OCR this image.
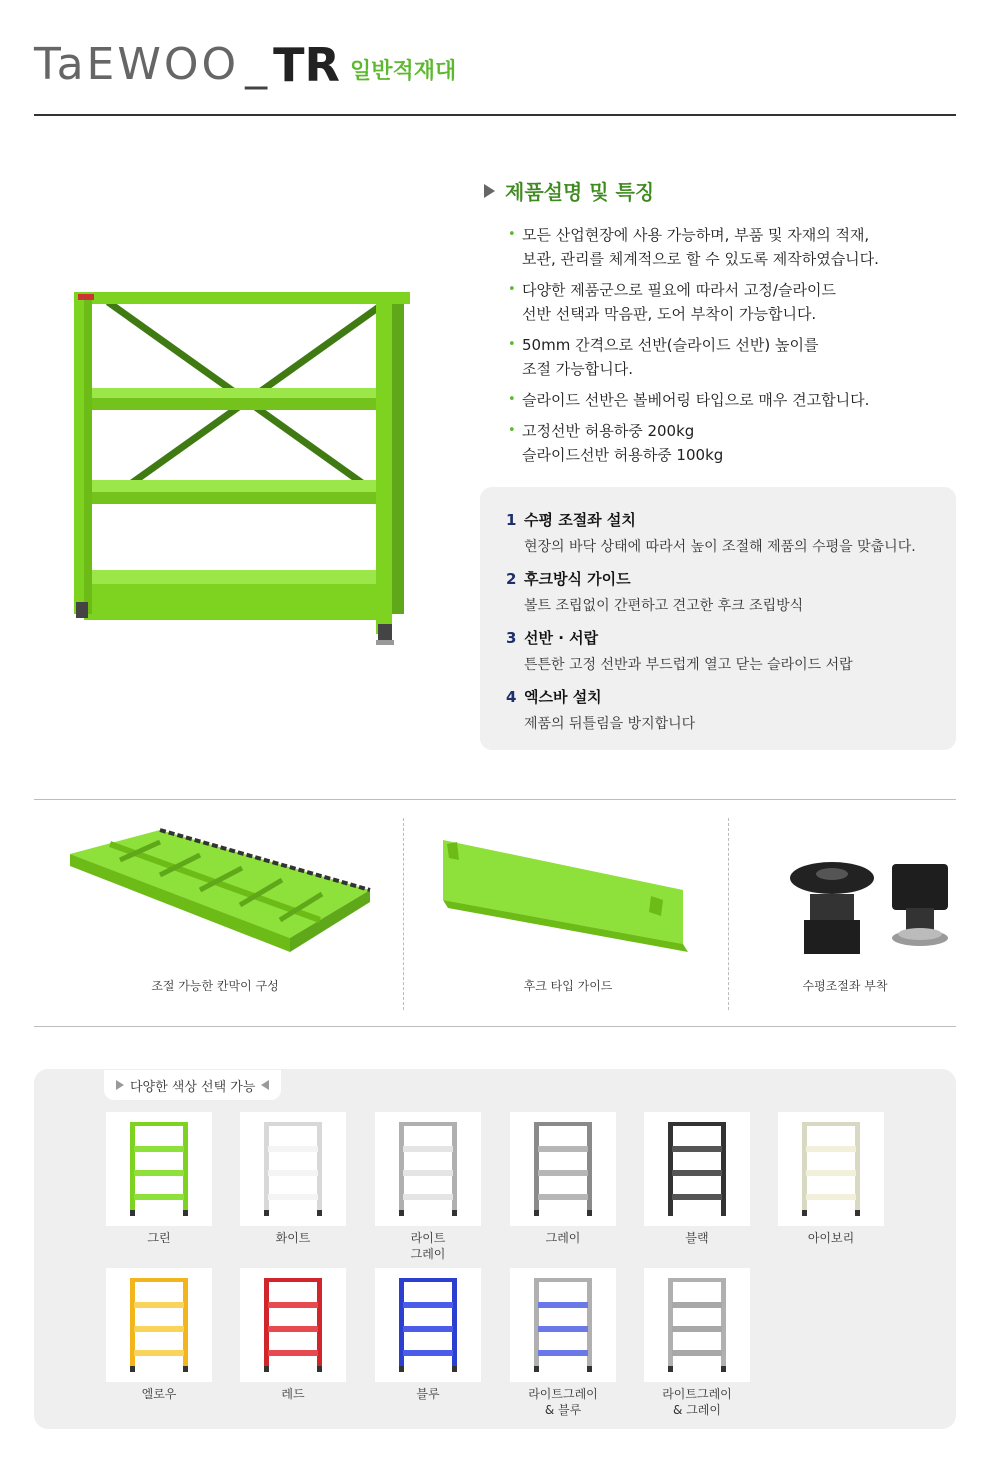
TaEWOO _ TR 일반적재대
제품설명 및 특징
• 모든 산업현장에 사용 가능하며, 부품 및 자재의 적재,
보관, 관리를 체계적으로 할 수 있도록 제작하였습니다.
• 다양한 제품군으로 필요에 따라서 고정/슬라이드
선반 선택과 막음판, 도어 부착이 가능합니다.
• 50mm 간격으로 선반(슬라이드 선반) 높이를
조절 가능합니다.
• 슬라이드 선반은 볼베어링 타입으로 매우 견고합니다.
• 고정선반 허용하중 200kg
슬라이드선반 허용하중 100kg
1 수평 조절좌 설치
현장의 바닥 상태에 따라서 높이 조절해 제품의 수평을 맞춥니다.
2 후크방식 가이드
볼트 조립없이 간편하고 견고한 후크 조립방식
3 선반 · 서랍
튼튼한 고정 선반과 부드럽게 열고 닫는 슬라이드 서랍
4 엑스바 설치
제품의 뒤틀림을 방지합니다
조절 가능한 칸막이 구성	후크 타입 가이드	수평조절좌 부착
다양한 색상 선택 가능
그린	화이트	라이트
그레이
그레이	블랙	아이보리
엘로우	레드	블루	라이트그레이
& 블루
라이트그레이
& 그레이
